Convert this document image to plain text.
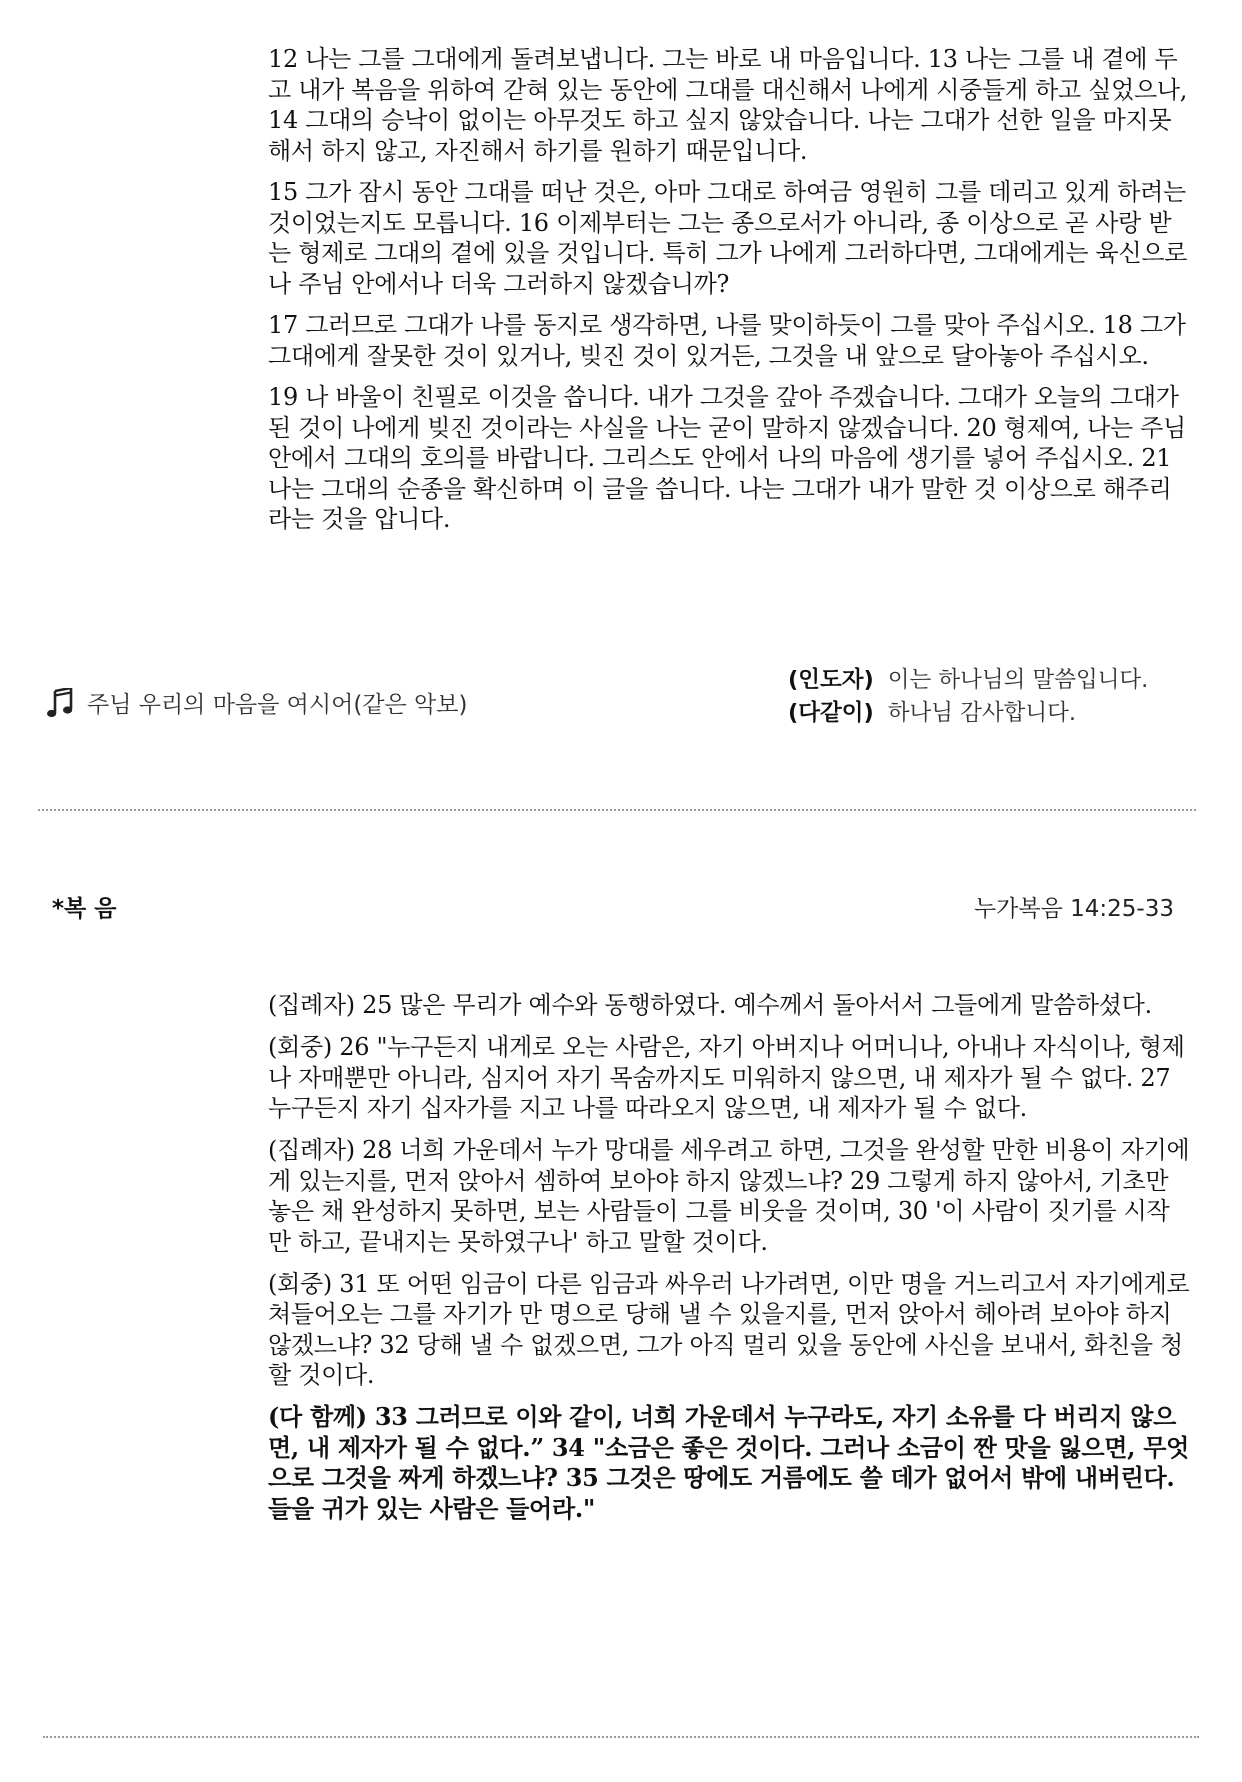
12 나는 그를 그대에게 돌려보냅니다. 그는 바로 내 마음입니다. 13 나는 그를 내 곁에 두고 내가 복음을 위하여 갇혀 있는 동안에 그대를 대신해서 나에게 시중들게 하고 싶었으나, 14 그대의 승낙이 없이는 아무것도 하고 싶지 않았습니다. 나는 그대가 선한 일을 마지못해서 하지 않고, 자진해서 하기를 원하기 때문입니다.

15 그가 잠시 동안 그대를 떠난 것은, 아마 그대로 하여금 영원히 그를 데리고 있게 하려는 것이었는지도 모릅니다. 16 이제부터는 그는 종으로서가 아니라, 종 이상으로 곧 사랑 받는 형제로 그대의 곁에 있을 것입니다. 특히 그가 나에게 그러하다면, 그대에게는 육신으로나 주님 안에서나 더욱 그러하지 않겠습니까?

17 그러므로 그대가 나를 동지로 생각하면, 나를 맞이하듯이 그를 맞아 주십시오. 18 그가 그대에게 잘못한 것이 있거나, 빚진 것이 있거든, 그것을 내 앞으로 달아놓아 주십시오.

19 나 바울이 친필로 이것을 씁니다. 내가 그것을 갚아 주겠습니다. 그대가 오늘의 그대가 된 것이 나에게 빚진 것이라는 사실을 나는 굳이 말하지 않겠습니다. 20 형제여, 나는 주님 안에서 그대의 호의를 바랍니다. 그리스도 안에서 나의 마음에 생기를 넣어 주십시오. 21 나는 그대의 순종을 확신하며 이 글을 씁니다. 나는 그대가 내가 말한 것 이상으로 해주리라는 것을 압니다.

주님 우리의 마음을 여시어(같은 악보)
(인도자) 이는 하나님의 말씀입니다.
(다같이) 하나님 감사합니다.
*복 음	누가복음 14:25-33

(집례자) 25 많은 무리가 예수와 동행하였다. 예수께서 돌아서서 그들에게 말씀하셨다.

(회중) 26 "누구든지 내게로 오는 사람은, 자기 아버지나 어머니나, 아내나 자식이나, 형제나 자매뿐만 아니라, 심지어 자기 목숨까지도 미워하지 않으면, 내 제자가 될 수 없다. 27 누구든지 자기 십자가를 지고 나를 따라오지 않으면, 내 제자가 될 수 없다.

(집례자) 28 너희 가운데서 누가 망대를 세우려고 하면, 그것을 완성할 만한 비용이 자기에게 있는지를, 먼저 앉아서 셈하여 보아야 하지 않겠느냐? 29 그렇게 하지 않아서, 기초만 놓은 채 완성하지 못하면, 보는 사람들이 그를 비웃을 것이며, 30 '이 사람이 짓기를 시작만 하고, 끝내지는 못하였구나' 하고 말할 것이다.

(회중) 31 또 어떤 임금이 다른 임금과 싸우러 나가려면, 이만 명을 거느리고서 자기에게로 쳐들어오는 그를 자기가 만 명으로 당해 낼 수 있을지를, 먼저 앉아서 헤아려 보아야 하지 않겠느냐? 32 당해 낼 수 없겠으면, 그가 아직 멀리 있을 동안에 사신을 보내서, 화친을 청할 것이다.

(다 함께) 33 그러므로 이와 같이, 너희 가운데서 누구라도, 자기 소유를 다 버리지 않으면, 내 제자가 될 수 없다.” 34 "소금은 좋은 것이다. 그러나 소금이 짠 맛을 잃으면, 무엇으로 그것을 짜게 하겠느냐? 35 그것은 땅에도 거름에도 쓸 데가 없어서 밖에 내버린다. 들을 귀가 있는 사람은 들어라."
